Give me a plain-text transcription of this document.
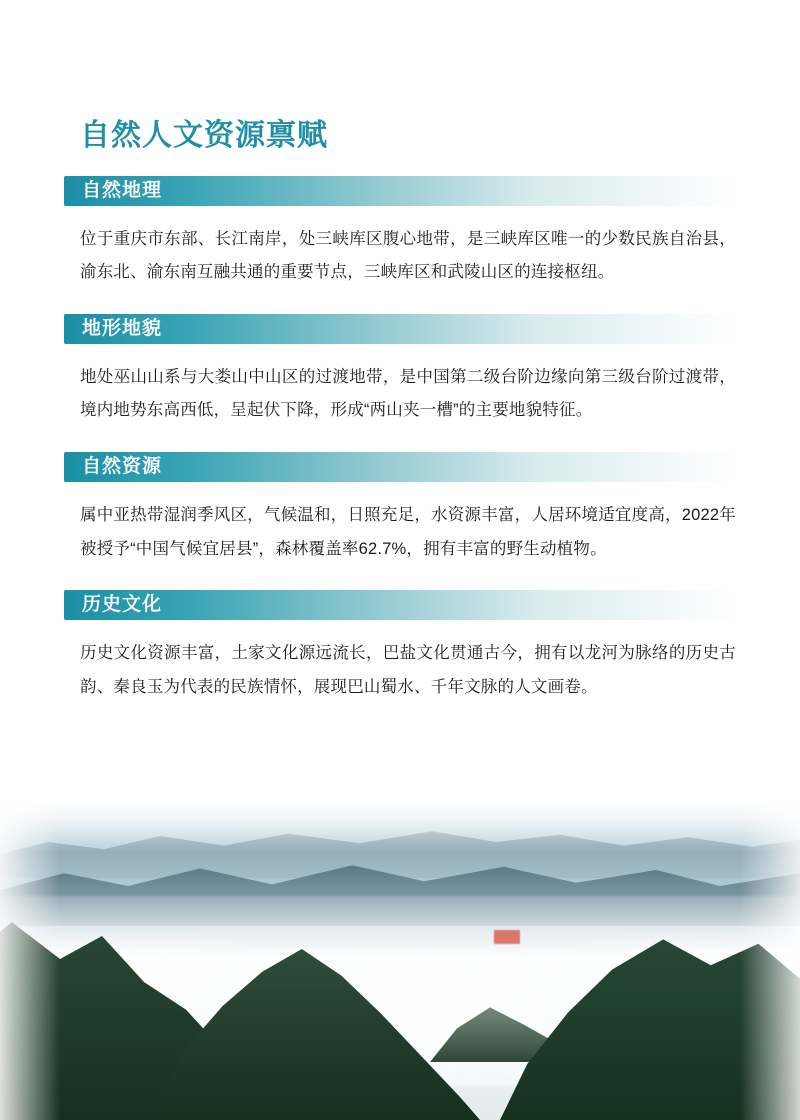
自然人文资源禀赋
自然地理

位于重庆市东部、长江南岸，处三峡库区腹心地带，是三峡库区唯一的少数民族自治县，渝东北、渝东南互融共通的重要节点，三峡库区和武陵山区的连接枢纽。

地形地貌

地处巫山山系与大娄山中山区的过渡地带，是中国第二级台阶边缘向第三级台阶过渡带，境内地势东高西低，呈起伏下降，形成“两山夹一槽”的主要地貌特征。

自然资源

属中亚热带湿润季风区，气候温和，日照充足，水资源丰富，人居环境适宜度高，2022年被授予“中国气候宜居县”，森林覆盖率62.7%，拥有丰富的野生动植物。

历史文化

历史文化资源丰富，土家文化源远流长，巴盐文化贯通古今，拥有以龙河为脉络的历史古韵、秦良玉为代表的民族情怀，展现巴山蜀水、千年文脉的人文画卷。
